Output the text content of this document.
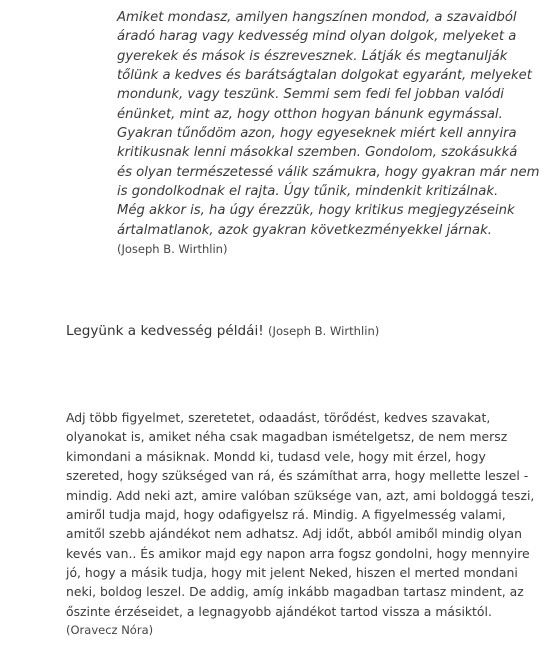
Amiket mondasz, amilyen hangszínen mondod, a szavaidból
áradó harag vagy kedvesség mind olyan dolgok, melyeket a
gyerekek és mások is észrevesznek. Látják és megtanulják
tőlünk a kedves és barátságtalan dolgokat egyaránt, melyeket
mondunk, vagy teszünk. Semmi sem fedi fel jobban valódi
énünket, mint az, hogy otthon hogyan bánunk egymással.
Gyakran tűnődöm azon, hogy egyeseknek miért kell annyira
kritikusnak lenni másokkal szemben. Gondolom, szokásukká
és olyan természetessé válik számukra, hogy gyakran már nem
is gondolkodnak el rajta. Úgy tűnik, mindenkit kritizálnak.
Még akkor is, ha úgy érezzük, hogy kritikus megjegyzéseink
ártalmatlanok, azok gyakran következményekkel járnak.
(Joseph B. Wirthlin)
Legyünk a kedvesség példái! (Joseph B. Wirthlin)
Adj több figyelmet, szeretetet, odaadást, törődést, kedves szavakat,
olyanokat is, amiket néha csak magadban ismételgetsz, de nem mersz
kimondani a másiknak. Mondd ki, tudasd vele, hogy mit érzel, hogy
szereted, hogy szükséged van rá, és számíthat arra, hogy mellette leszel -
mindig. Add neki azt, amire valóban szüksége van, azt, ami boldoggá teszi,
amiről tudja majd, hogy odafigyelsz rá. Mindig. A figyelmesség valami,
amitől szebb ajándékot nem adhatsz. Adj időt, abból amiből mindig olyan
kevés van.. És amikor majd egy napon arra fogsz gondolni, hogy mennyire
jó, hogy a másik tudja, hogy mit jelent Neked, hiszen el merted mondani
neki, boldog leszel. De addig, amíg inkább magadban tartasz mindent, az
őszinte érzéseidet, a legnagyobb ajándékot tartod vissza a másiktól.
(Oravecz Nóra)
